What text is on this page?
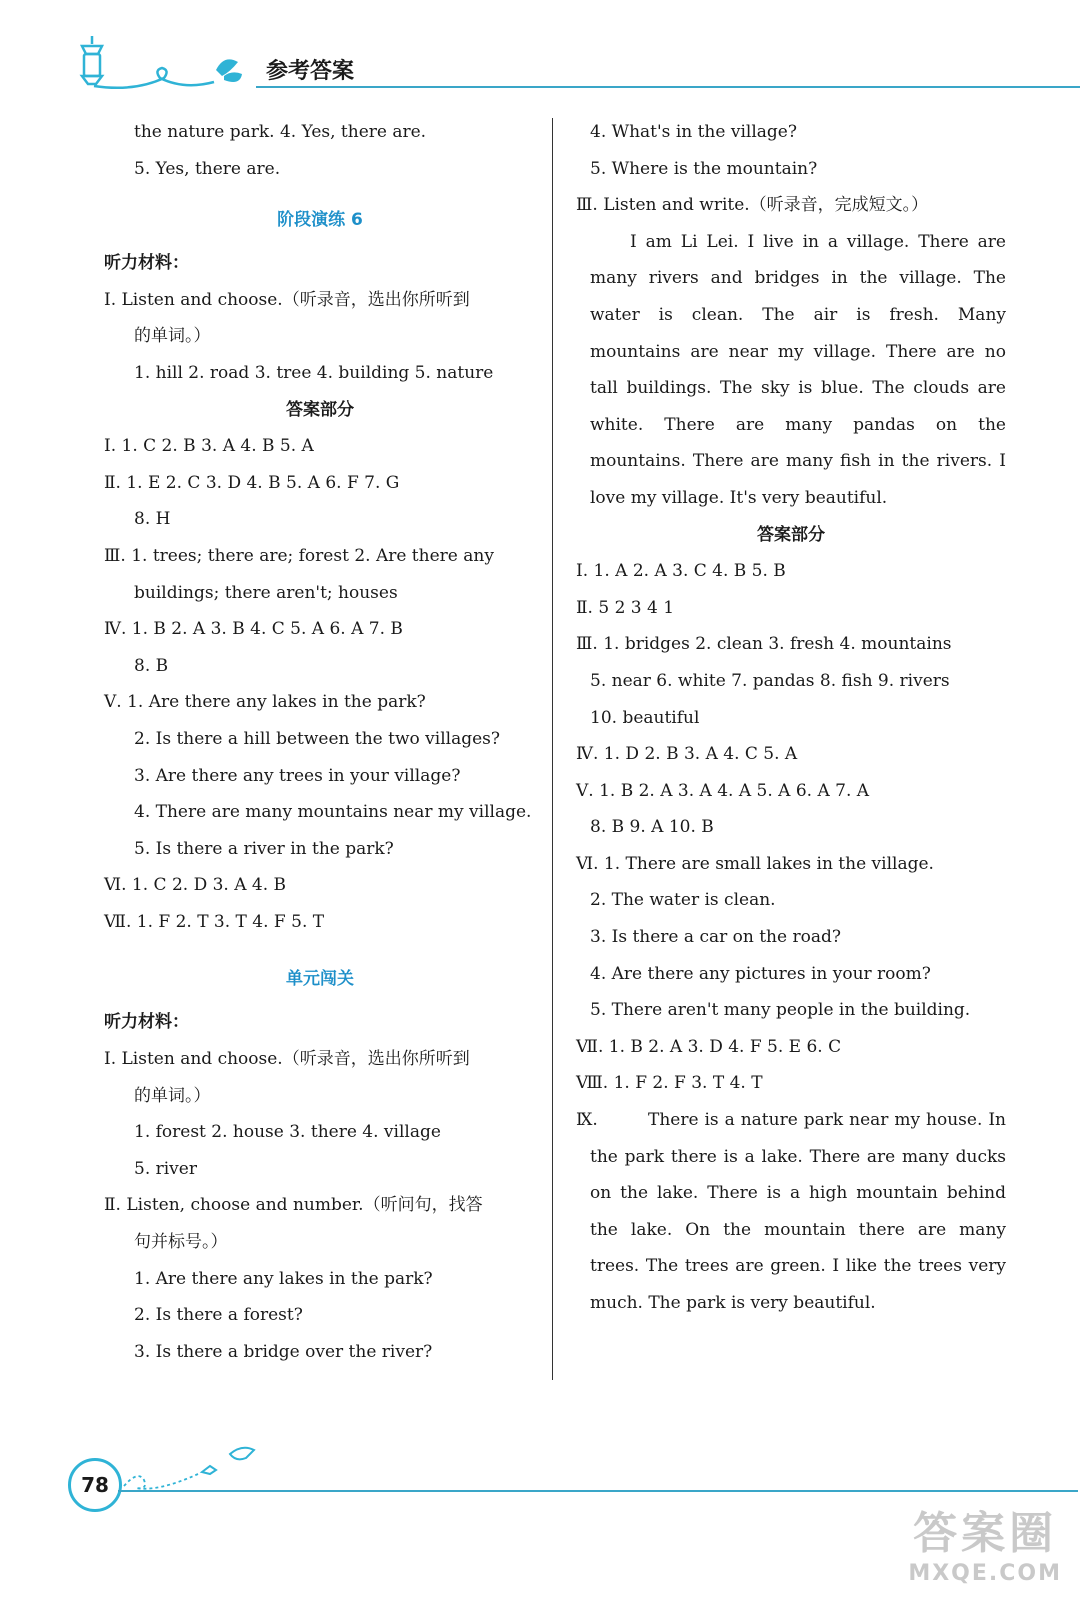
参考答案
the nature park. 4. Yes, there are.
5. Yes, there are.
阶段演练 6
听力材料：
Ⅰ. Listen and choose.（听录音，选出你所听到
的单词。）
1. hill 2. road 3. tree 4. building 5. nature
答案部分
Ⅰ. 1. C 2. B 3. A 4. B 5. A
Ⅱ. 1. E 2. C 3. D 4. B 5. A 6. F 7. G
8. H
Ⅲ. 1. trees; there are; forest 2. Are there any
buildings; there aren't; houses
Ⅳ. 1. B 2. A 3. B 4. C 5. A 6. A 7. B
8. B
Ⅴ. 1. Are there any lakes in the park?
2. Is there a hill between the two villages?
3. Are there any trees in your village?
4. There are many mountains near my village.
5. Is there a river in the park?
Ⅵ. 1. C 2. D 3. A 4. B
Ⅶ. 1. F 2. T 3. T 4. F 5. T
单元闯关
听力材料：
Ⅰ. Listen and choose.（听录音，选出你所听到
的单词。）
1. forest 2. house 3. there 4. village
5. river
Ⅱ. Listen, choose and number.（听问句，找答
句并标号。）
1. Are there any lakes in the park?
2. Is there a forest?
3. Is there a bridge over the river?
4. What's in the village?
5. Where is the mountain?
Ⅲ. Listen and write.（听录音，完成短文。）
I am Li Lei. I live in a village. There are many rivers and bridges in the village. The water is clean. The air is fresh. Many mountains are near my village. There are no tall buildings. The sky is blue. The clouds are white. There are many pandas on the mountains. There are many fish in the rivers. I love my village. It's very beautiful.
答案部分
Ⅰ. 1. A 2. A 3. C 4. B 5. B
Ⅱ. 5 2 3 4 1
Ⅲ. 1. bridges 2. clean 3. fresh 4. mountains
5. near 6. white 7. pandas 8. fish 9. rivers
10. beautiful
Ⅳ. 1. D 2. B 3. A 4. C 5. A
Ⅴ. 1. B 2. A 3. A 4. A 5. A 6. A 7. A
8. B 9. A 10. B
Ⅵ. 1. There are small lakes in the village.
2. The water is clean.
3. Is there a car on the road?
4. Are there any pictures in your room?
5. There aren't many people in the building.
Ⅶ. 1. B 2. A 3. D 4. F 5. E 6. C
Ⅷ. 1. F 2. F 3. T 4. T
Ⅸ.	There is a nature park near my house. In the park there is a lake. There are many ducks on the lake. There is a high mountain behind the lake. On the mountain there are many trees. The trees are green. I like the trees very much. The park is very beautiful.
78
答案圈
MXQE.COM
